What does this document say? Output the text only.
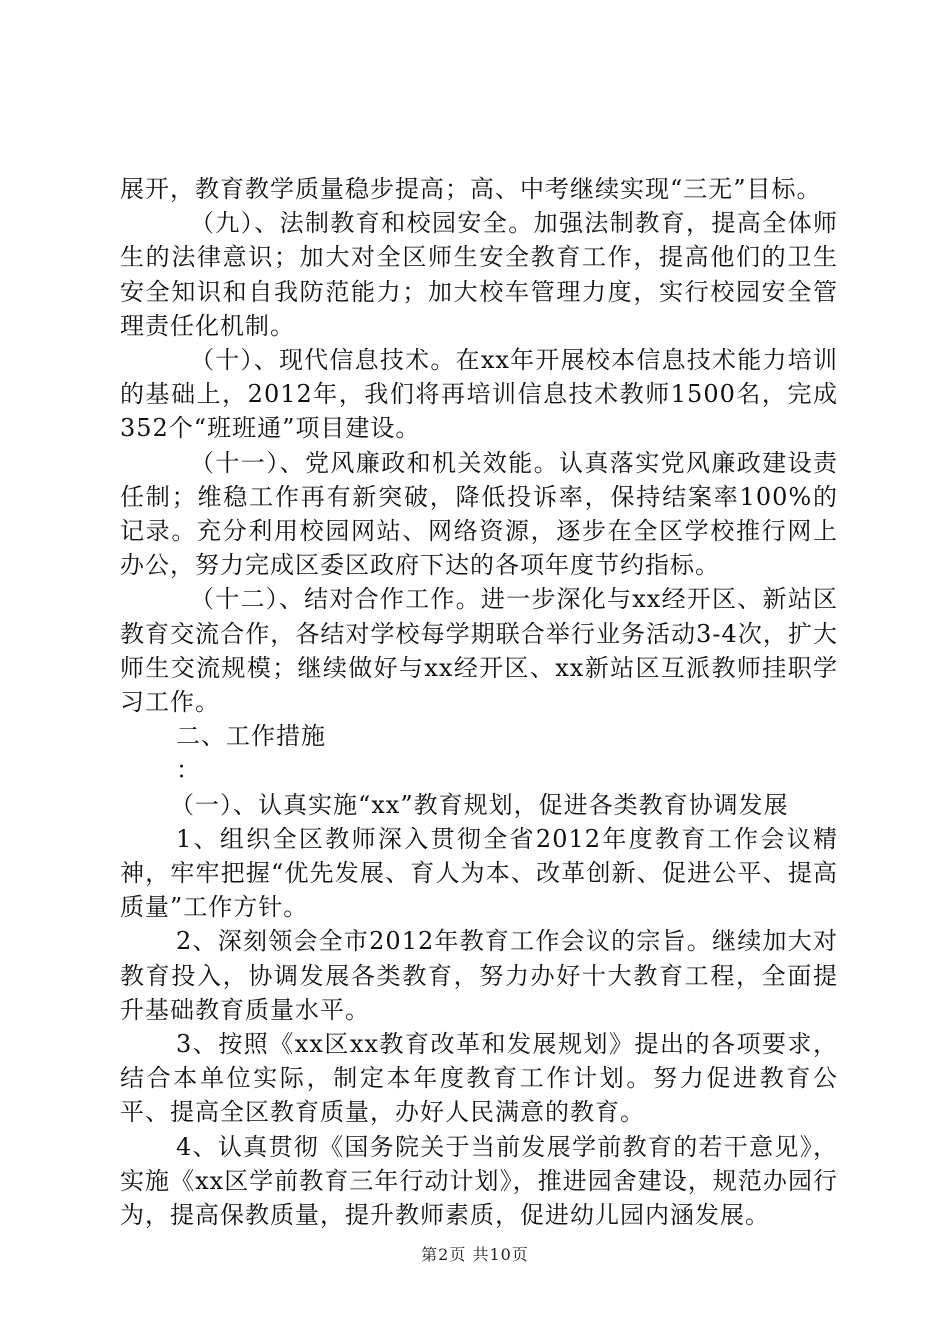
展开，教育教学质量稳步提高；高、中考继续实现“三无”目标。

（九）、法制教育和校园安全。加强法制教育，提高全体师生的法律意识；加大对全区师生安全教育工作，提高他们的卫生安全知识和自我防范能力；加大校车管理力度，实行校园安全管理责任化机制。

（十）、现代信息技术。在xx年开展校本信息技术能力培训的基础上，2012年，我们将再培训信息技术教师1500名，完成352个“班班通”项目建设。

（十一）、党风廉政和机关效能。认真落实党风廉政建设责任制；维稳工作再有新突破，降低投诉率，保持结案率100%的记录。充分利用校园网站、网络资源，逐步在全区学校推行网上办公，努力完成区委区政府下达的各项年度节约指标。

（十二）、结对合作工作。进一步深化与xx经开区、新站区教育交流合作，各结对学校每学期联合举行业务活动3-4次，扩大师生交流规模；继续做好与xx经开区、xx新站区互派教师挂职学习工作。

二、工作措施

：

（一）、认真实施“xx”教育规划，促进各类教育协调发展

1、组织全区教师深入贯彻全省2012年度教育工作会议精神，牢牢把握“优先发展、育人为本、改革创新、促进公平、提高质量”工作方针。

2、深刻领会全市2012年教育工作会议的宗旨。继续加大对教育投入，协调发展各类教育，努力办好十大教育工程，全面提升基础教育质量水平。

3、按照《xx区xx教育改革和发展规划》提出的各项要求，结合本单位实际，制定本年度教育工作计划。努力促进教育公平、提高全区教育质量，办好人民满意的教育。

4、认真贯彻《国务院关于当前发展学前教育的若干意见》，实施《xx区学前教育三年行动计划》，推进园舍建设，规范办园行为，提高保教质量，提升教师素质，促进幼儿园内涵发展。

第2页 共10页
